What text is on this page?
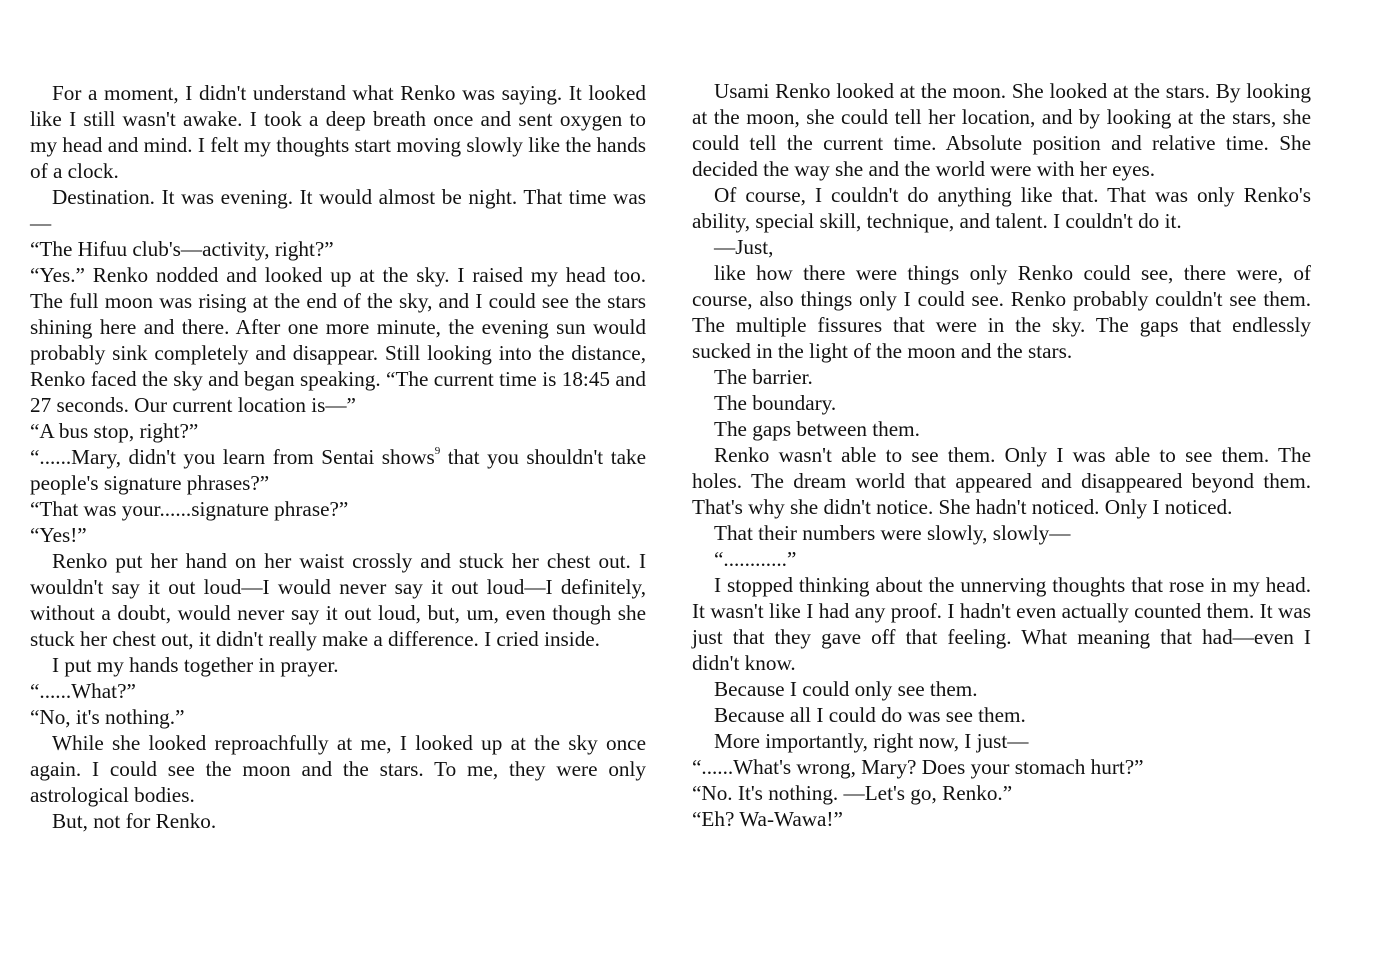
For a moment, I didn't understand what Renko was saying. It looked like I still wasn't awake. I took a deep breath once and sent oxygen to my head and mind. I felt my thoughts start moving slowly like the hands of a clock.

Destination. It was evening. It would almost be night. That time was—

“The Hifuu club's—activity, right?”

“Yes.” Renko nodded and looked up at the sky. I raised my head too. The full moon was rising at the end of the sky, and I could see the stars shining here and there. After one more minute, the evening sun would probably sink completely and disappear. Still looking into the distance, Renko faced the sky and began speaking. “The current time is 18:45 and 27 seconds. Our current location is—”

“A bus stop, right?”

“......Mary, didn't you learn from Sentai shows$^9$ that you shouldn't take people's signature phrases?”

“That was your......signature phrase?”

“Yes!”

Renko put her hand on her waist crossly and stuck her chest out. I wouldn't say it out loud—I would never say it out loud—I definitely, without a doubt, would never say it out loud, but, um, even though she stuck her chest out, it didn't really make a difference. I cried inside.

I put my hands together in prayer.

“......What?”

“No, it's nothing.”

While she looked reproachfully at me, I looked up at the sky once again. I could see the moon and the stars. To me, they were only astrological bodies.

But, not for Renko.

Usami Renko looked at the moon. She looked at the stars. By looking at the moon, she could tell her location, and by looking at the stars, she could tell the current time. Absolute position and relative time. She decided the way she and the world were with her eyes.

Of course, I couldn't do anything like that. That was only Renko's ability, special skill, technique, and talent. I couldn't do it.

—Just,

like how there were things only Renko could see, there were, of course, also things only I could see. Renko probably couldn't see them. The multiple fissures that were in the sky. The gaps that endlessly sucked in the light of the moon and the stars.

The barrier.

The boundary.

The gaps between them.

Renko wasn't able to see them. Only I was able to see them. The holes. The dream world that appeared and disappeared beyond them. That's why she didn't notice. She hadn't noticed. Only I noticed.

That their numbers were slowly, slowly—

“............”

I stopped thinking about the unnerving thoughts that rose in my head. It wasn't like I had any proof. I hadn't even actually counted them. It was just that they gave off that feeling. What meaning that had—even I didn't know.

Because I could only see them.

Because all I could do was see them.

More importantly, right now, I just—

“......What's wrong, Mary? Does your stomach hurt?”

“No. It's nothing. —Let's go, Renko.”

“Eh? Wa-Wawa!”
